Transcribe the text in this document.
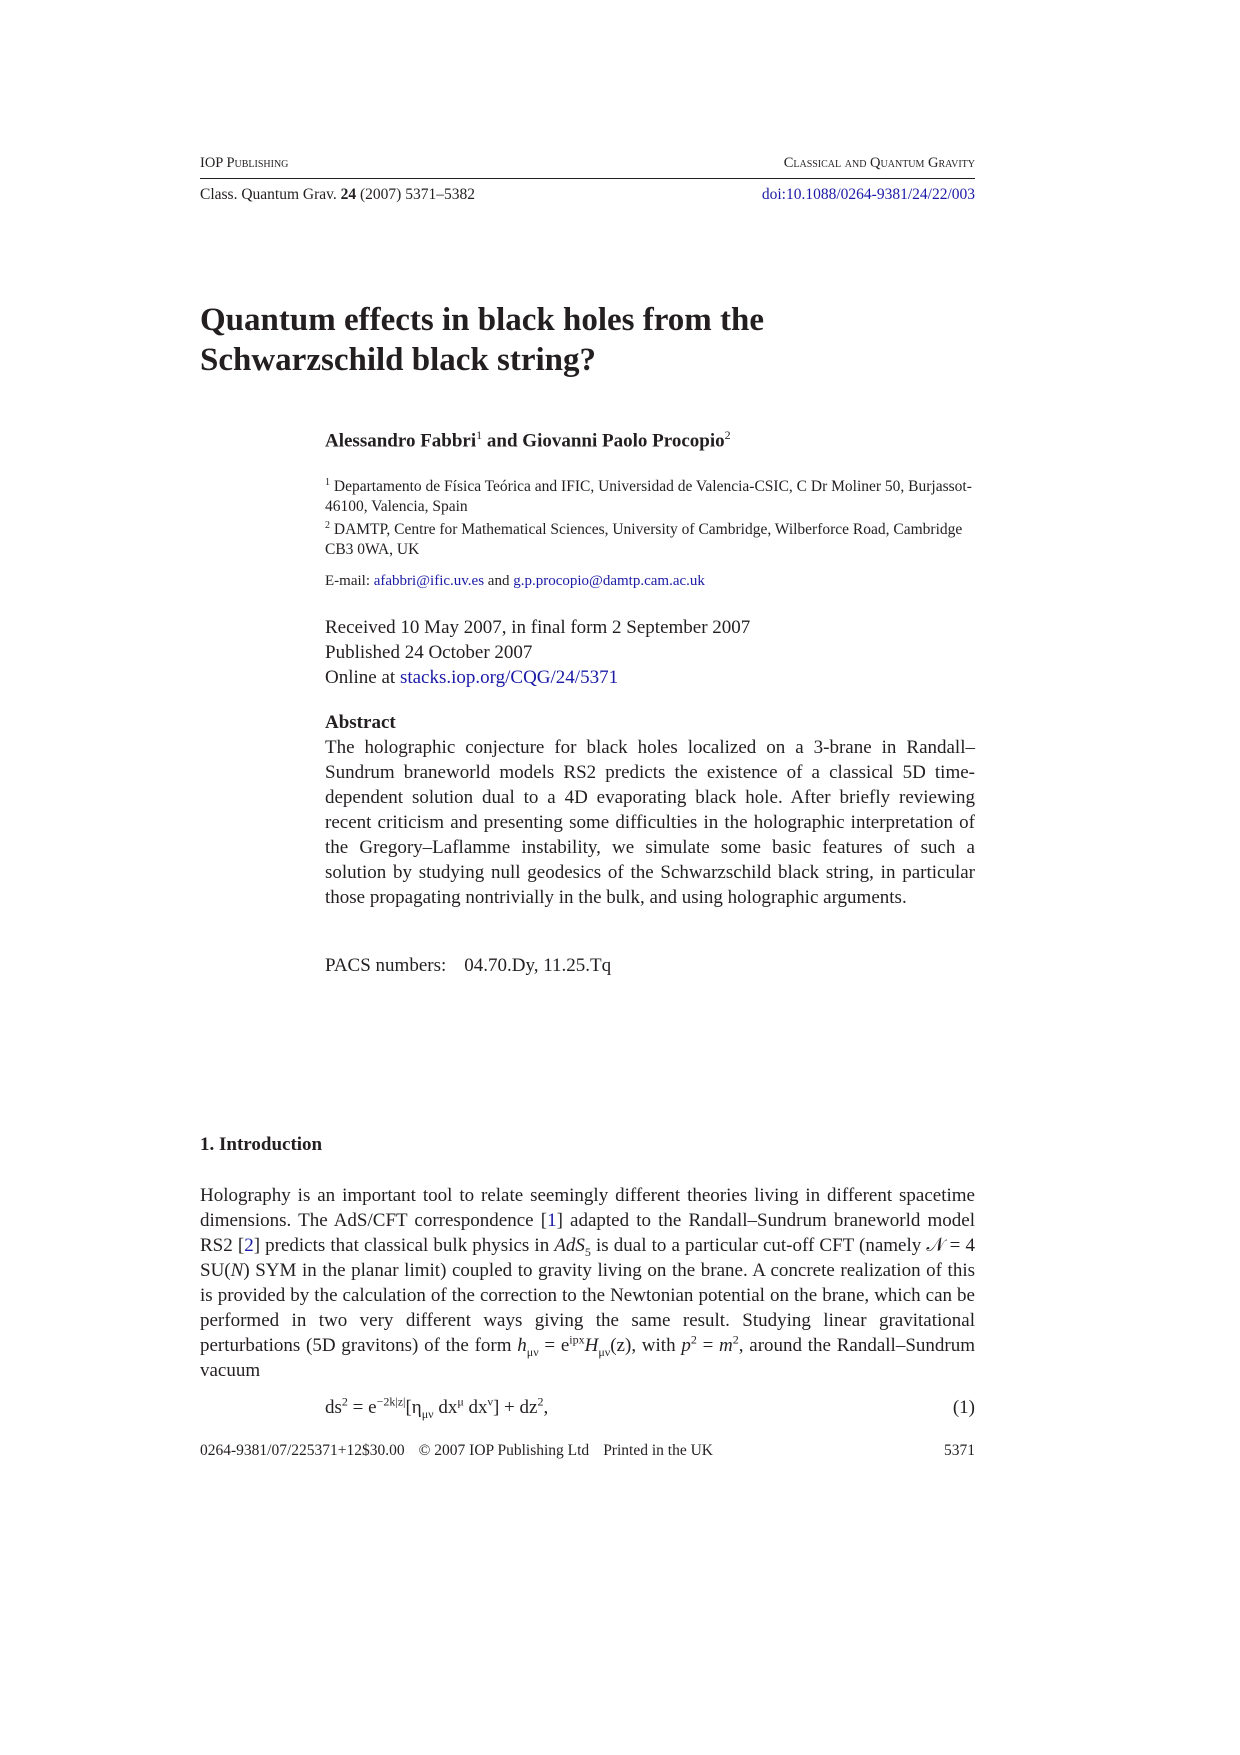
IOP Publishing	Classical and Quantum Gravity
Class. Quantum Grav. 24 (2007) 5371–5382	doi:10.1088/0264-9381/24/22/003
Quantum effects in black holes from the Schwarzschild black string?
Alessandro Fabbri$^1$ and Giovanni Paolo Procopio$^2$
$^1$ Departamento de Física Teórica and IFIC, Universidad de Valencia-CSIC, C Dr Moliner 50, Burjassot-46100, Valencia, Spain
$^2$ DAMTP, Centre for Mathematical Sciences, University of Cambridge, Wilberforce Road, Cambridge CB3 0WA, UK
E-mail: afabbri@ific.uv.es and g.p.procopio@damtp.cam.ac.uk
Received 10 May 2007, in final form 2 September 2007
Published 24 October 2007
Online at stacks.iop.org/CQG/24/5371
Abstract
The holographic conjecture for black holes localized on a 3-brane in Randall–Sundrum braneworld models RS2 predicts the existence of a classical 5D time-dependent solution dual to a 4D evaporating black hole. After briefly reviewing recent criticism and presenting some difficulties in the holographic interpretation of the Gregory–Laflamme instability, we simulate some basic features of such a solution by studying null geodesics of the Schwarzschild black string, in particular those propagating nontrivially in the bulk, and using holographic arguments.
PACS numbers: 04.70.Dy, 11.25.Tq
1. Introduction

Holography is an important tool to relate seemingly different theories living in different spacetime dimensions. The AdS/CFT correspondence [1] adapted to the Randall–Sundrum braneworld model RS2 [2] predicts that classical bulk physics in AdS$_5$ is dual to a particular cut-off CFT (namely 𝒩 = 4 SU(N) SYM in the planar limit) coupled to gravity living on the brane. A concrete realization of this is provided by the calculation of the correction to the Newtonian potential on the brane, which can be performed in two very different ways giving the same result. Studying linear gravitational perturbations (5D gravitons) of the form $h_{\mu\nu} = e^{ipx}H_{\mu\nu}(z)$, with $p^2 = m^2$, around the Randall–Sundrum vacuum

$ds^2 = e^{-2k|z|}[\eta_{\mu\nu}$ $dx^\mu$ $dx^\nu] + dz^2$,	(1)
0264-9381/07/225371+12$30.00 © 2007 IOP Publishing Ltd Printed in the UK	5371
